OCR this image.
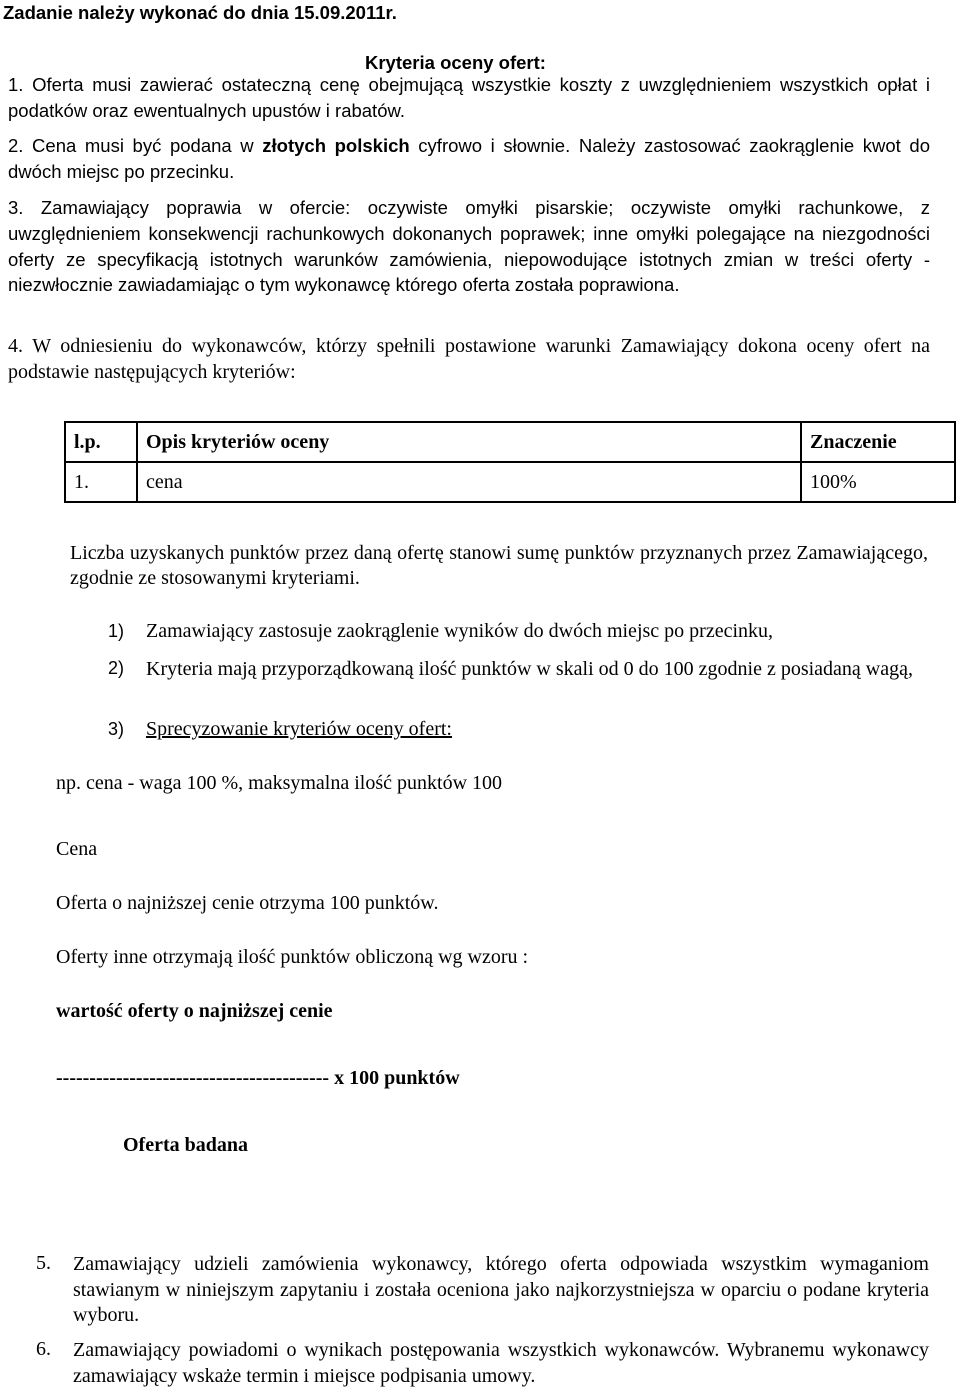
Zadanie należy wykonać do dnia 15.09.2011r.
Kryteria oceny ofert:
1. Oferta musi zawierać ostateczną cenę obejmującą wszystkie koszty z uwzględnieniem wszystkich opłat i podatków oraz ewentualnych upustów i rabatów.
2. Cena musi być podana w złotych polskich cyfrowo i słownie. Należy zastosować zaokrąglenie kwot do dwóch miejsc po przecinku.
3. Zamawiający poprawia w ofercie: oczywiste omyłki pisarskie; oczywiste omyłki rachunkowe, z uwzględnieniem konsekwencji rachunkowych dokonanych poprawek; inne omyłki polegające na niezgodności oferty ze specyfikacją istotnych warunków zamówienia, niepowodujące istotnych zmian w treści oferty - niezwłocznie zawiadamiając o tym wykonawcę którego oferta została poprawiona.
4. W odniesieniu do wykonawców, którzy spełnili postawione warunki Zamawiający dokona oceny ofert na podstawie następujących kryteriów:
l.p.	Opis kryteriów oceny	Znaczenie
1.	cena	100%
Liczba uzyskanych punktów przez daną ofertę stanowi sumę punktów przyznanych przez Zamawiającego, zgodnie ze stosowanymi kryteriami.
1) Zamawiający zastosuje zaokrąglenie wyników do dwóch miejsc po przecinku,
2) Kryteria mają przyporządkowaną ilość punktów w skali od 0 do 100 zgodnie z posiadaną wagą,
3) Sprecyzowanie kryteriów oceny ofert:
np. cena - waga 100 %, maksymalna ilość punktów 100
Cena
Oferta o najniższej cenie otrzyma 100 punktów.
Oferty inne otrzymają ilość punktów obliczoną wg wzoru :
wartość oferty o najniższej cenie
----------------------------------------- x 100 punktów
Oferta badana
5. Zamawiający udzieli zamówienia wykonawcy, którego oferta odpowiada wszystkim wymaganiom stawianym w niniejszym zapytaniu i została oceniona jako najkorzystniejsza w oparciu o podane kryteria wyboru.
6. Zamawiający powiadomi o wynikach postępowania wszystkich wykonawców. Wybranemu wykonawcy zamawiający wskaże termin i miejsce podpisania umowy.
